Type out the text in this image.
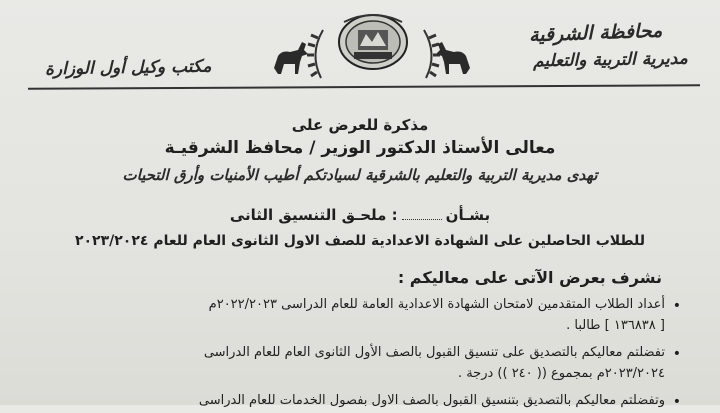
محافظة الشرقية
مديرية التربية والتعليم
مكتب وكيل أول الوزارة
مذكرة للعرض على
معالى الأستاذ الدكتور الوزير / محافظ الشرقيـة
تهدى مديرية التربية والتعليم بالشرقية لسيادتكم أطيب الأمنيات وأرق التحيات
بشـأن: ملحـق التنسيق الثانى
للطلاب الحاصلين على الشهادة الاعدادية للصف الاول الثانوى العام للعام ٢٠٢٣/٢٠٢٤
نشرف بعرض الآتى على معاليكم :
•
أعداد الطلاب المتقدمين لامتحان الشهادة الاعدادية العامة للعام الدراسى ٢٠٢٢/٢٠٢٣م
[ ١٣٦٨٣٨ ] طالبا .
•
تفضلتم معاليكم بالتصديق على تنسيق القبول بالصف الأول الثانوى العام للعام الدراسى
٢٠٢٣/٢٠٢٤م بمجموع (( ٢٤٠ )) درجة .
•
وتفضلتم معاليكم بالتصديق بتنسيق القبول بالصف الاول بفصول الخدمات للعام الدراسى
